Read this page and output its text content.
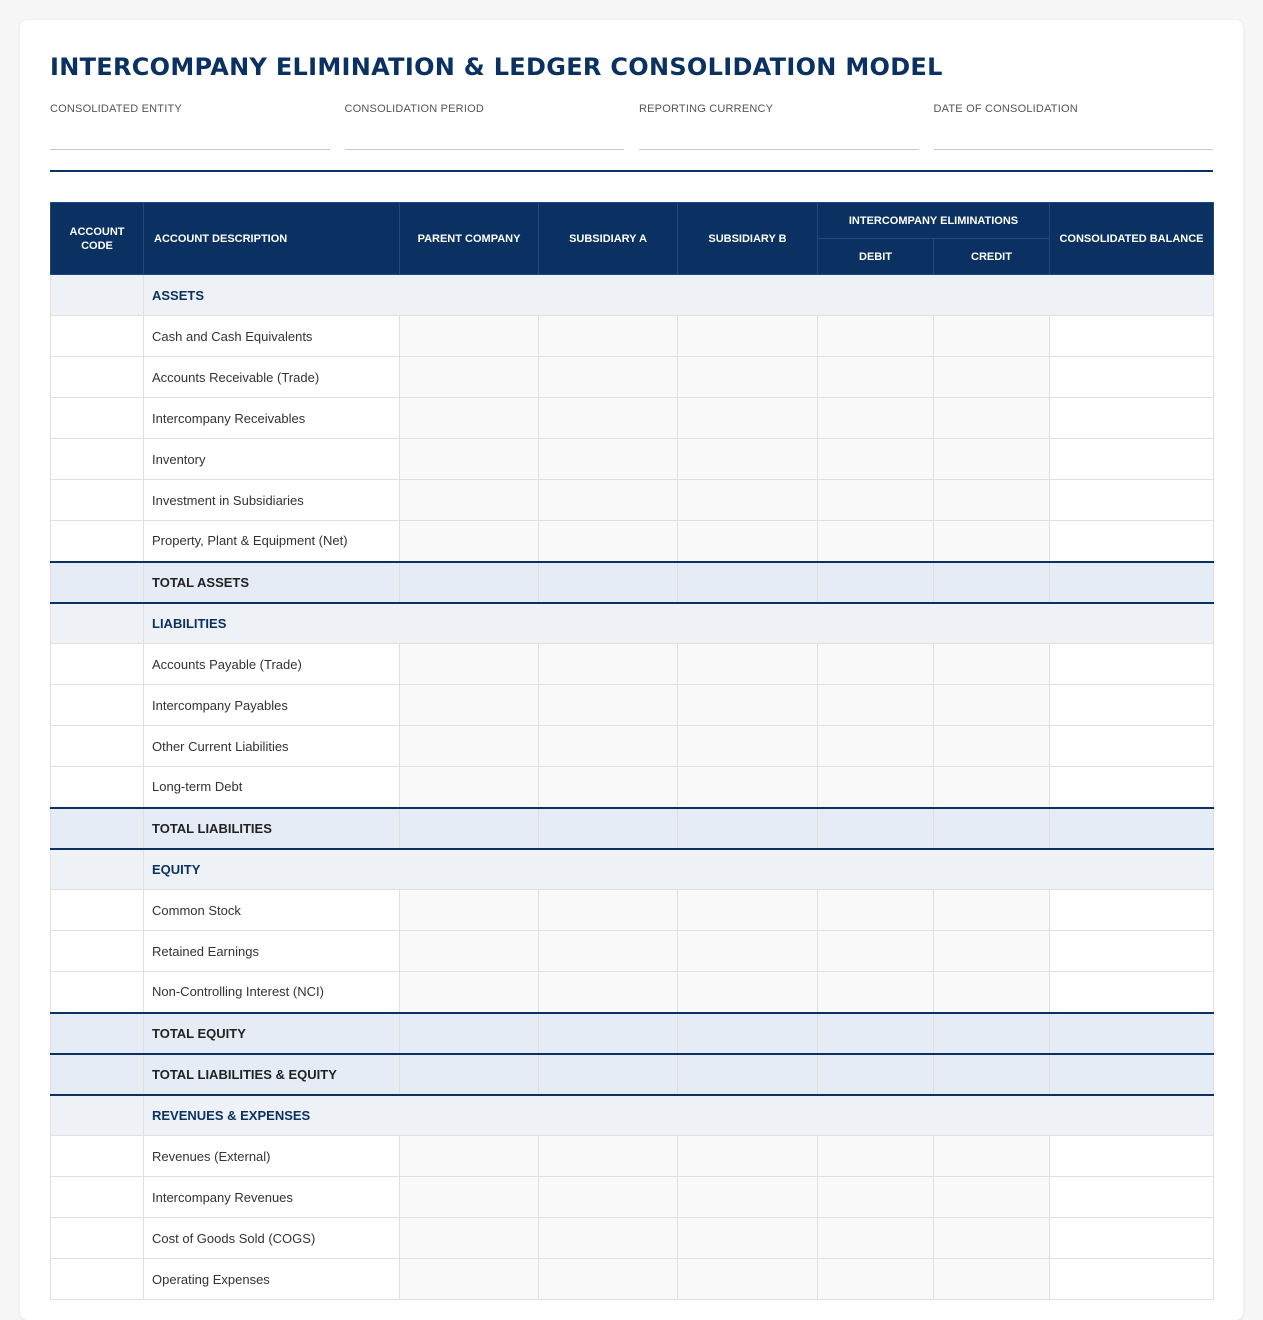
INTERCOMPANY ELIMINATION & LEDGER CONSOLIDATION MODEL
CONSOLIDATED ENTITY	CONSOLIDATION PERIOD	REPORTING CURRENCY	DATE OF CONSOLIDATION
ACCOUNT CODE	ACCOUNT DESCRIPTION	PARENT COMPANY	SUBSIDIARY A	SUBSIDIARY B	INTERCOMPANY ELIMINATIONS		CONSOLIDATED BALANCE
					DEBIT	CREDIT	
	ASSETS						
	Cash and Cash Equivalents						
	Accounts Receivable (Trade)						
	Intercompany Receivables						
	Inventory						
	Investment in Subsidiaries						
	Property, Plant & Equipment (Net)						
	TOTAL ASSETS						
	LIABILITIES						
	Accounts Payable (Trade)						
	Intercompany Payables						
	Other Current Liabilities						
	Long-term Debt						
	TOTAL LIABILITIES						
	EQUITY						
	Common Stock						
	Retained Earnings						
	Non-Controlling Interest (NCI)						
	TOTAL EQUITY						
	TOTAL LIABILITIES & EQUITY						
	REVENUES & EXPENSES						
	Revenues (External)						
	Intercompany Revenues						
	Cost of Goods Sold (COGS)						
	Operating Expenses						
